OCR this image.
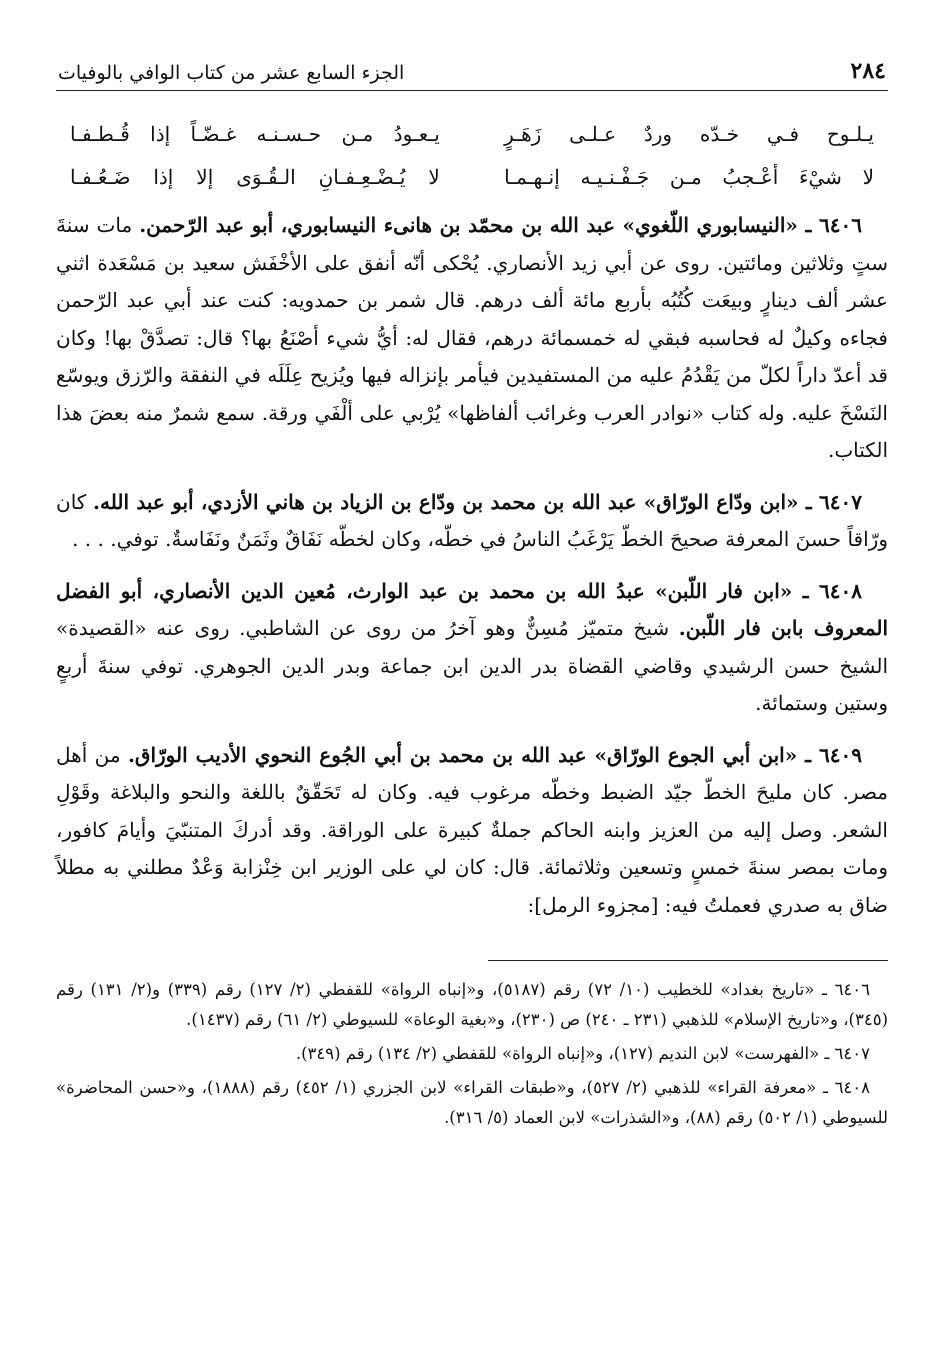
٢٨٤
الجزء السابع عشر من كتاب الوافي بالوفيات
يـلـوح فـي خـدّه وردٌ عـلـى زَهَـرٍ
يـعـودُ مـن حـسـنـه غـضّـاً إذا قُـطـفـا
لا شيْءَ أعْـجبُ مـن جَـفْـنـيـه إنـهـمـا
لا يُـضْـعِـفـانِ الـقُـوَى إلا إذا ضَـعُـفـا

٦٤٠٦ ـ «النيسابوري اللّغوي» عبد الله بن محمّد بن هانىء النيسابوري، أبو عبد الرّحمن. مات سنةَ ستٍ وثلاثين ومائتين. روى عن أبي زيد الأنصاري. يُحْكى أنّه أنفق على الأخْفَش سعيد بن مَسْعَدة اثني عشر ألف دينارٍ وبيعَت كُتُبُه بأربع مائة ألف درهم. قال شمر بن حمدويه: كنت عند أبي عبد الرّحمن فجاءه وكيلٌ له فحاسبه فبقي له خمسمائة درهم، فقال له: أيُّ شيء أصْنَعُ بها؟ قال: تصدَّقْ بها! وكان قد أعدّ داراً لكلّ من يَقْدُمُ عليه من المستفيدين فيأمر بإنزاله فيها ويُزيح عِلَلَه في النفقة والرّزق ويوسّع النَسْخَ عليه. وله كتاب «نوادر العرب وغرائب ألفاظها» يُرْبي على ألْفَي ورقة. سمع شمرٌ منه بعضَ هذا الكتاب.

٦٤٠٧ ـ «ابن ودّاع الورّاق» عبد الله بن محمد بن ودّاع بن الزياد بن هاني الأزدي، أبو عبد الله. كان ورّاقاً حسنَ المعرفة صحيحَ الخطّ يَرْغَبُ الناسُ في خطّه، وكان لخطّه نَفَاقٌ وثَمَنٌ ونَفَاسةٌ. توفي. . . .

٦٤٠٨ ـ «ابن فار اللّبن» عبدُ الله بن محمد بن عبد الوارث، مُعين الدين الأنصاري، أبو الفضل المعروف بابن فار اللّبن. شيخ متميّز مُسِنٌّ وهو آخرُ من روى عن الشاطبي. روى عنه «القصيدة» الشيخ حسن الرشيدي وقاضي القضاة بدر الدين ابن جماعة وبدر الدين الجوهري. توفي سنةَ أربعٍ وستين وستمائة.

٦٤٠٩ ـ «ابن أبي الجوع الورّاق» عبد الله بن محمد بن أبي الجُوع النحوي الأديب الورّاق. من أهل مصر. كان مليحَ الخطّ جيّد الضبط وخطّه مرغوب فيه. وكان له تَحَقّقٌ باللغة والنحو والبلاغة وقَوْلِ الشعر. وصل إليه من العزيز وابنه الحاكم جملةٌ كبيرة على الوراقة. وقد أدركَ المتنبّيَ وأيامَ كافور، ومات بمصر سنةَ خمسٍ وتسعين وثلاثمائة. قال: كان لي على الوزير ابن خِنْزابة وَعْدٌ مطلني به مطلاً ضاق به صدري فعملتُ فيه: [مجزوء الرمل]:

٦٤٠٦ ـ «تاريخ بغداد» للخطيب (١٠/ ٧٢) رقم (٥١٨٧)، و«إنباه الرواة» للقفطي (٢/ ١٢٧) رقم (٣٣٩) و(٢/ ١٣١) رقم (٣٤٥)، و«تاريخ الإسلام» للذهبي (٢٣١ ـ ٢٤٠) ص (٢٣٠)، و«بغية الوعاة» للسيوطي (٢/ ٦١) رقم (١٤٣٧).

٦٤٠٧ ـ «الفهرست» لابن النديم (١٢٧)، و«إنباه الرواة» للقفطي (٢/ ١٣٤) رقم (٣٤٩).

٦٤٠٨ ـ «معرفة القراء» للذهبي (٢/ ٥٢٧)، و«طبقات القراء» لابن الجزري (١/ ٤٥٢) رقم (١٨٨٨)، و«حسن المحاضرة» للسيوطي (١/ ٥٠٢) رقم (٨٨)، و«الشذرات» لابن العماد (٥/ ٣١٦).
